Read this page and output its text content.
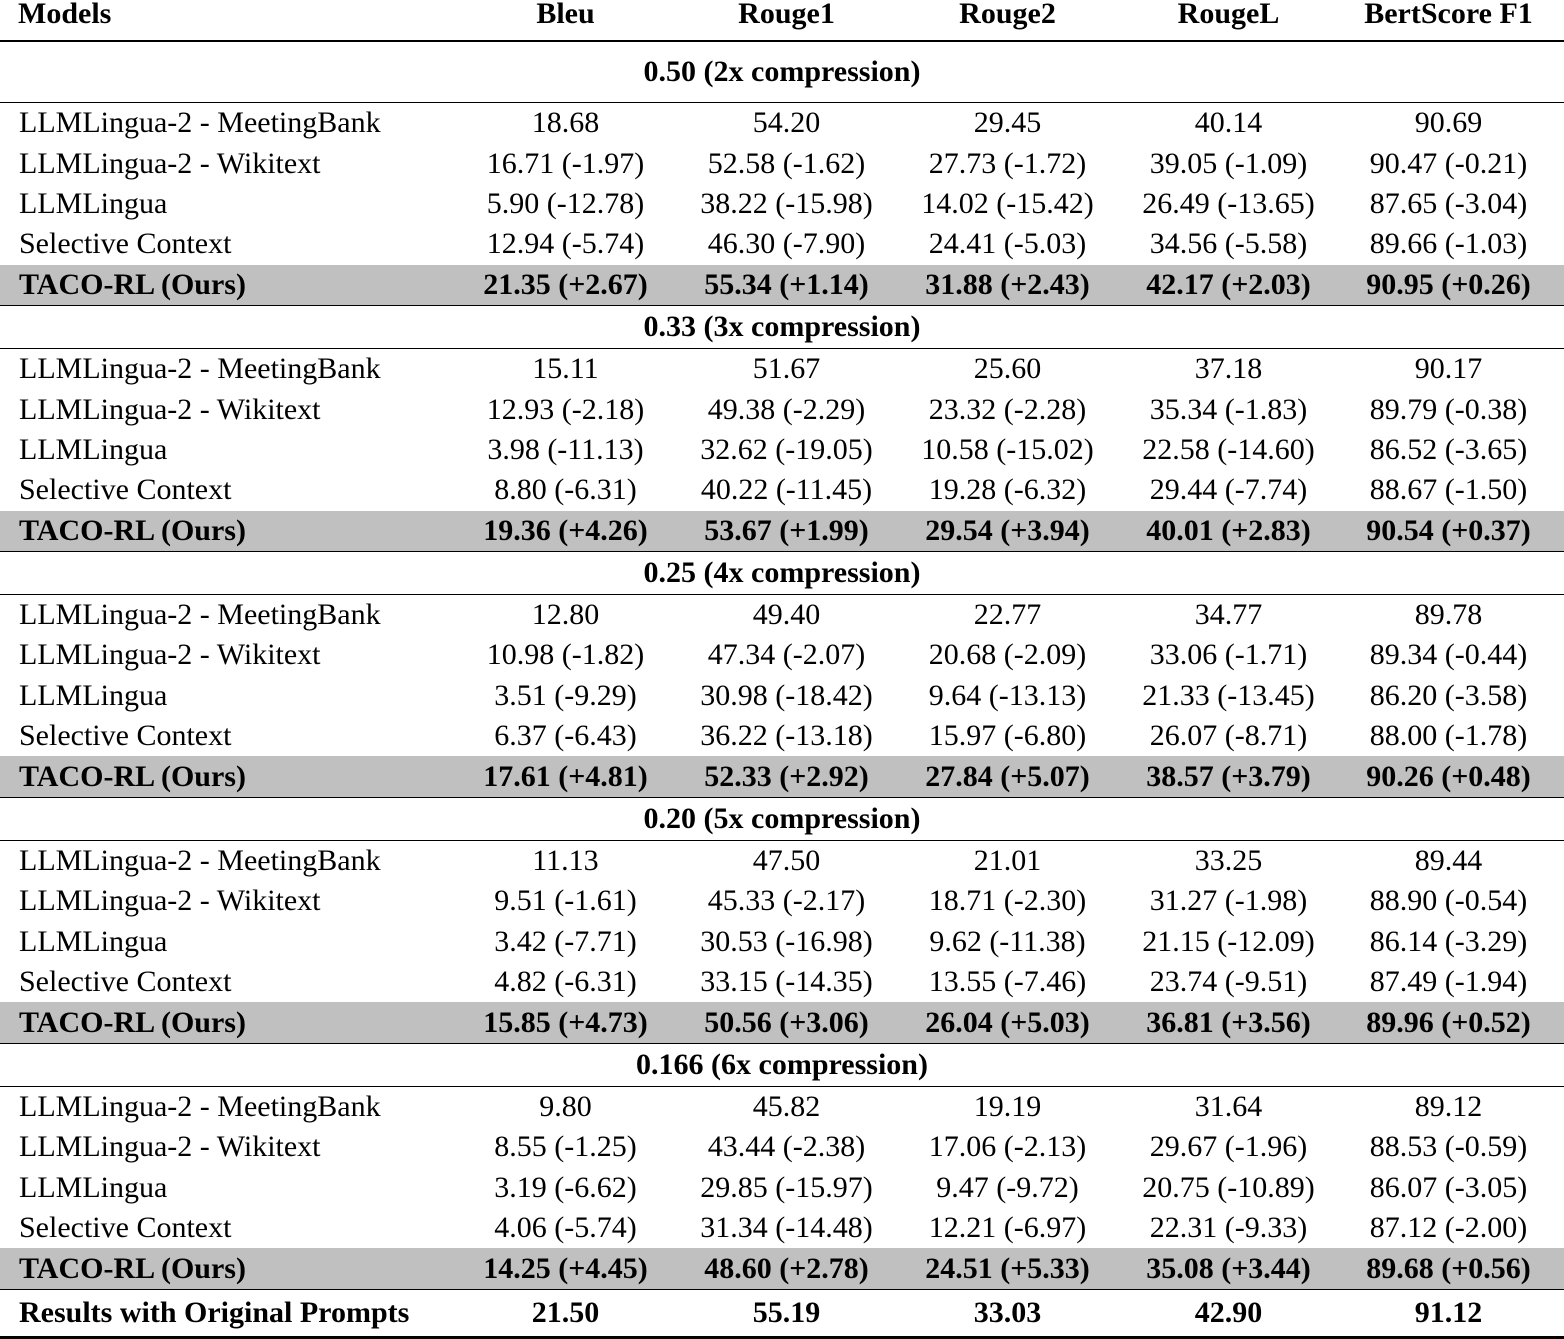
Models	Bleu	Rouge1	Rouge2	RougeL	BertScore F1
0.50 (2x compression)					
LLMLingua-2 - MeetingBank	18.68	54.20	29.45	40.14	90.69
LLMLingua-2 - Wikitext	16.71 (-1.97)	52.58 (-1.62)	27.73 (-1.72)	39.05 (-1.09)	90.47 (-0.21)
LLMLingua	5.90 (-12.78)	38.22 (-15.98)	14.02 (-15.42)	26.49 (-13.65)	87.65 (-3.04)
Selective Context	12.94 (-5.74)	46.30 (-7.90)	24.41 (-5.03)	34.56 (-5.58)	89.66 (-1.03)
TACO-RL (Ours)	21.35 (+2.67)	55.34 (+1.14)	31.88 (+2.43)	42.17 (+2.03)	90.95 (+0.26)
0.33 (3x compression)					
LLMLingua-2 - MeetingBank	15.11	51.67	25.60	37.18	90.17
LLMLingua-2 - Wikitext	12.93 (-2.18)	49.38 (-2.29)	23.32 (-2.28)	35.34 (-1.83)	89.79 (-0.38)
LLMLingua	3.98 (-11.13)	32.62 (-19.05)	10.58 (-15.02)	22.58 (-14.60)	86.52 (-3.65)
Selective Context	8.80 (-6.31)	40.22 (-11.45)	19.28 (-6.32)	29.44 (-7.74)	88.67 (-1.50)
TACO-RL (Ours)	19.36 (+4.26)	53.67 (+1.99)	29.54 (+3.94)	40.01 (+2.83)	90.54 (+0.37)
0.25 (4x compression)					
LLMLingua-2 - MeetingBank	12.80	49.40	22.77	34.77	89.78
LLMLingua-2 - Wikitext	10.98 (-1.82)	47.34 (-2.07)	20.68 (-2.09)	33.06 (-1.71)	89.34 (-0.44)
LLMLingua	3.51 (-9.29)	30.98 (-18.42)	9.64 (-13.13)	21.33 (-13.45)	86.20 (-3.58)
Selective Context	6.37 (-6.43)	36.22 (-13.18)	15.97 (-6.80)	26.07 (-8.71)	88.00 (-1.78)
TACO-RL (Ours)	17.61 (+4.81)	52.33 (+2.92)	27.84 (+5.07)	38.57 (+3.79)	90.26 (+0.48)
0.20 (5x compression)					
LLMLingua-2 - MeetingBank	11.13	47.50	21.01	33.25	89.44
LLMLingua-2 - Wikitext	9.51 (-1.61)	45.33 (-2.17)	18.71 (-2.30)	31.27 (-1.98)	88.90 (-0.54)
LLMLingua	3.42 (-7.71)	30.53 (-16.98)	9.62 (-11.38)	21.15 (-12.09)	86.14 (-3.29)
Selective Context	4.82 (-6.31)	33.15 (-14.35)	13.55 (-7.46)	23.74 (-9.51)	87.49 (-1.94)
TACO-RL (Ours)	15.85 (+4.73)	50.56 (+3.06)	26.04 (+5.03)	36.81 (+3.56)	89.96 (+0.52)
0.166 (6x compression)					
LLMLingua-2 - MeetingBank	9.80	45.82	19.19	31.64	89.12
LLMLingua-2 - Wikitext	8.55 (-1.25)	43.44 (-2.38)	17.06 (-2.13)	29.67 (-1.96)	88.53 (-0.59)
LLMLingua	3.19 (-6.62)	29.85 (-15.97)	9.47 (-9.72)	20.75 (-10.89)	86.07 (-3.05)
Selective Context	4.06 (-5.74)	31.34 (-14.48)	12.21 (-6.97)	22.31 (-9.33)	87.12 (-2.00)
TACO-RL (Ours)	14.25 (+4.45)	48.60 (+2.78)	24.51 (+5.33)	35.08 (+3.44)	89.68 (+0.56)
Results with Original Prompts	21.50	55.19	33.03	42.90	91.12
